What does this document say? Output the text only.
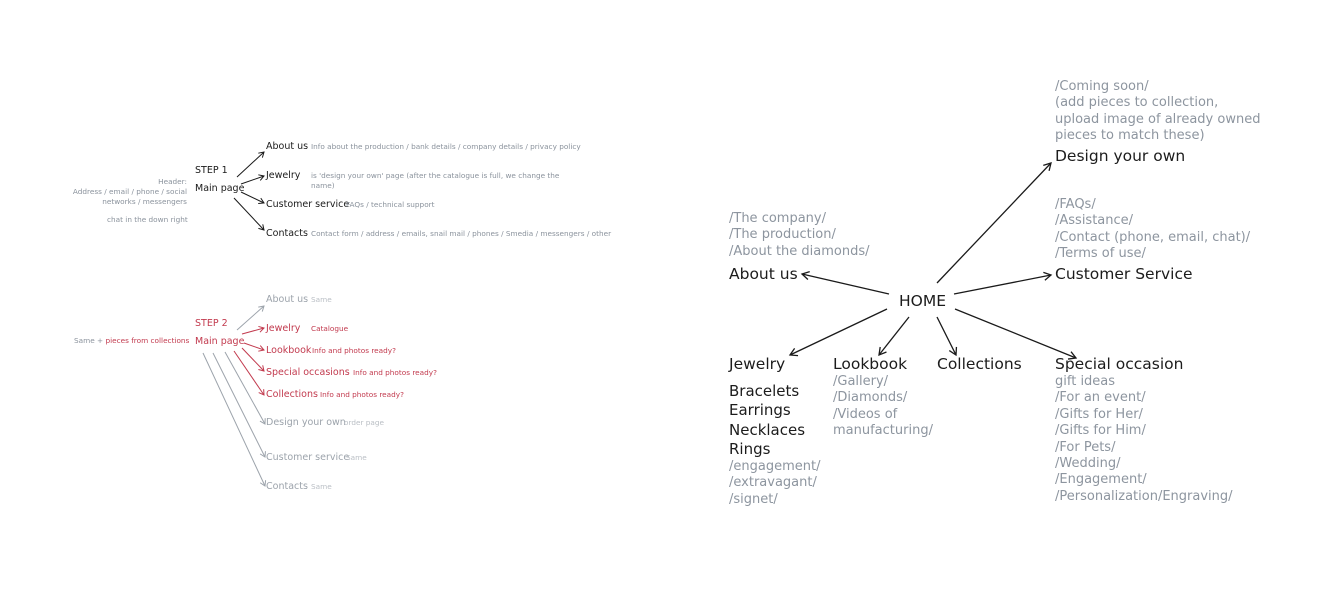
Header:
Address / email / phone / social
networks / messengers
chat in the down right
STEP 1
Main page
About us Info about the production / bank details / company details / privacy policy
Jewelry is 'design your own' page (after the catalogue is full, we change the
name)
Customer service
FAQs / technical support
Contacts Contact form / address / emails, snail mail / phones / Smedia / messengers / other
Same + pieces from collections
STEP 2
Main page
About us Same
Jewelry Catalogue
Lookbook Info and photos ready?
Special occasions Info and photos ready?
Collections Info and photos ready?
Design your own
order page
Customer service
Same
Contacts Same
HOME
/The company/
/The production/
/About the diamonds/
About us
/Coming soon/
(add pieces to collection,
upload image of already owned
pieces to match these)
Design your own
/FAQs/
/Assistance/
/Contact (phone, email, chat)/
/Terms of use/
Customer Service
Jewelry
Bracelets
Earrings
Necklaces
Rings
/engagement/
/extravagant/
/signet/
Lookbook
/Gallery/
/Diamonds/
/Videos of
manufacturing/
Collections Special occasion
gift ideas
/For an event/
/Gifts for Her/
/Gifts for Him/
/For Pets/
/Wedding/
/Engagement/
/Personalization/Engraving/
